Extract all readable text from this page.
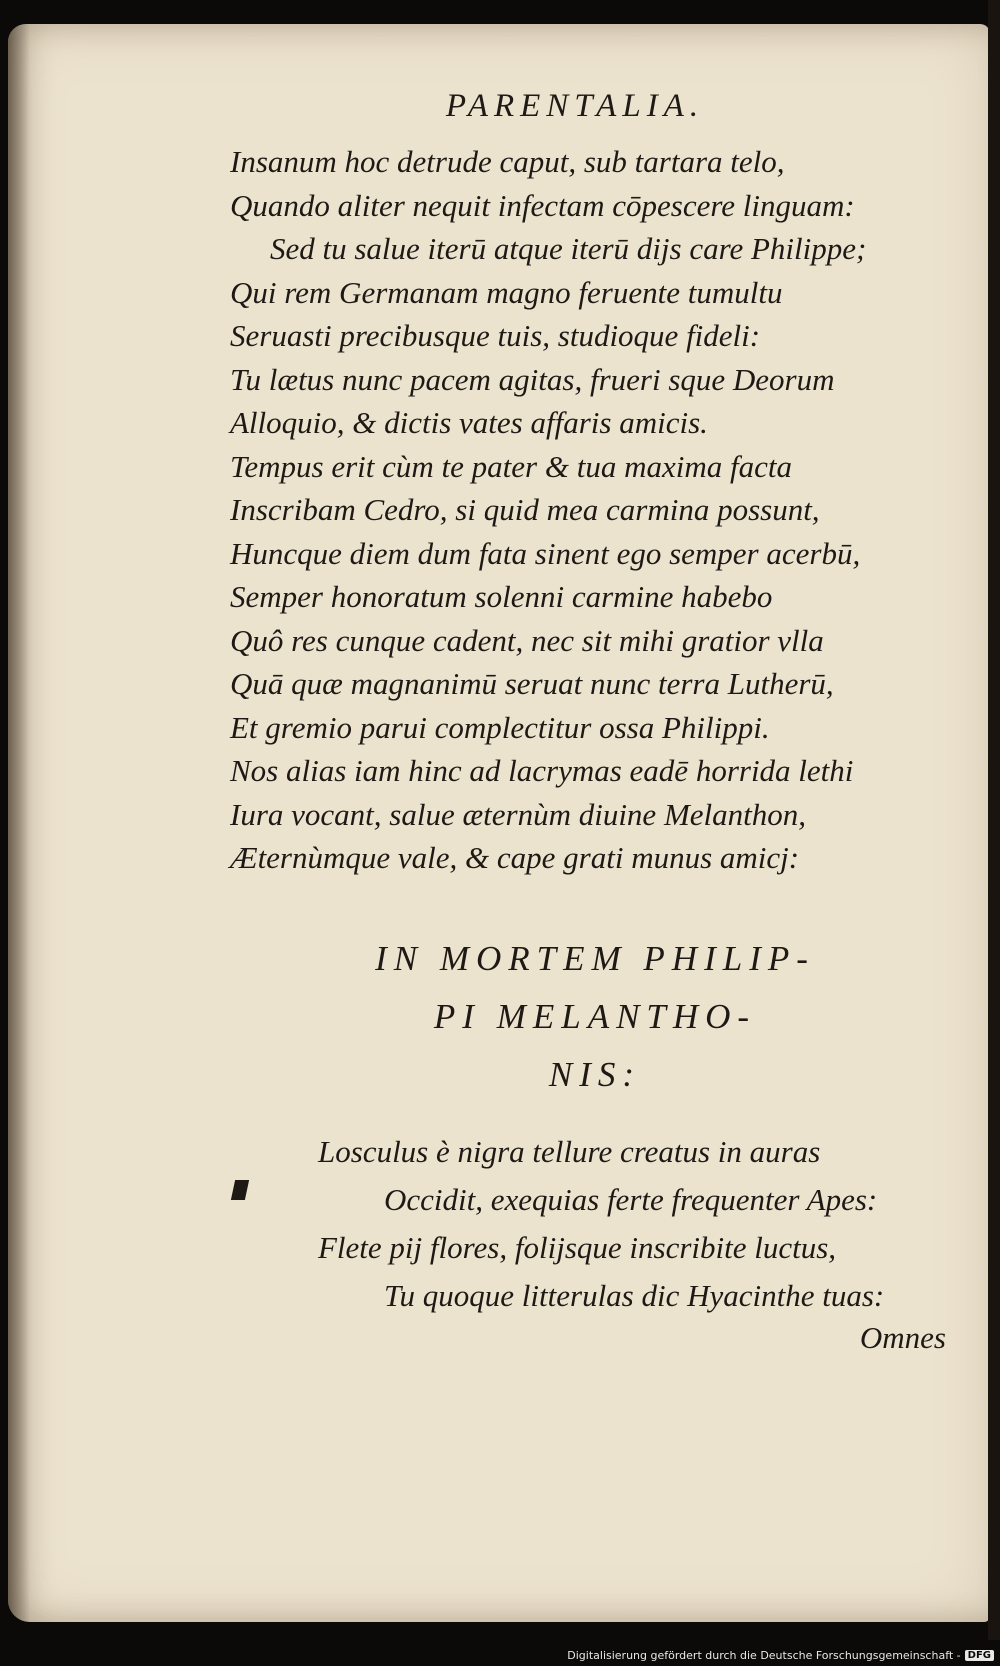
PARENTALIA.
Insanum hoc detrude caput, sub tartara telo,
Quando aliter nequit infectam cōpescere linguam:
Sed tu salue iterū atque iterū dijs care Philippe;
Qui rem Germanam magno feruente tumultu
Seruasti precibusque tuis, studioque fideli:
Tu lætus nunc pacem agitas, frueri sque Deorum
Alloquio, & dictis vates affaris amicis.
Tempus erit cùm te pater & tua maxima facta
Inscribam Cedro, si quid mea carmina possunt,
Huncque diem dum fata sinent ego semper acerbū,
Semper honoratum solenni carmine habebo
Quô res cunque cadent, nec sit mihi gratior vlla
Quā quæ magnanimū seruat nunc terra Lutherū,
Et gremio parui complectitur ossa Philippi.
Nos alias iam hinc ad lacrymas eadē horrida lethi
Iura vocant, salue æternùm diuine Melanthon,
Æternùmque vale, & cape grati munus amicj:
IN MORTEM PHILIP-
PI MELANTHO-
NIS:
Losculus è nigra tellure creatus in auras
Occidit, exequias ferte frequenter Apes:
Flete pij flores, folijsque inscribite luctus,
Tu quoque litterulas dic Hyacinthe tuas:
Omnes
Digitalisierung gefördert durch die Deutsche Forschungsgemeinschaft - DFG
